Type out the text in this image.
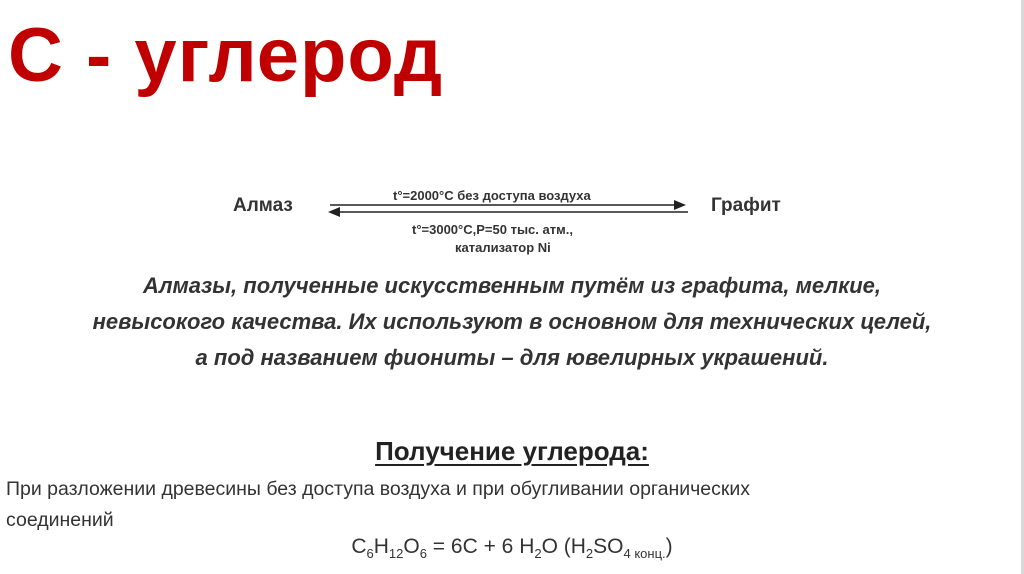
C - углерод
Алмаз	Графит
t°=2000°C без доступа воздуха
t°=3000°C,P=50 тыс. атм.,
катализатор Ni
Алмазы, полученные искусственным путём из графита, мелкие,
невысокого качества. Их используют в основном для технических целей,
а под названием фиониты – для ювелирных украшений.
Получение углерода:
При разложении древесины без доступа воздуха и при обугливании органических
соединений
$C_6H_{12}O_6 = 6C + 6$ $H_2O$ $(H_2SO_{4 конц.})$
